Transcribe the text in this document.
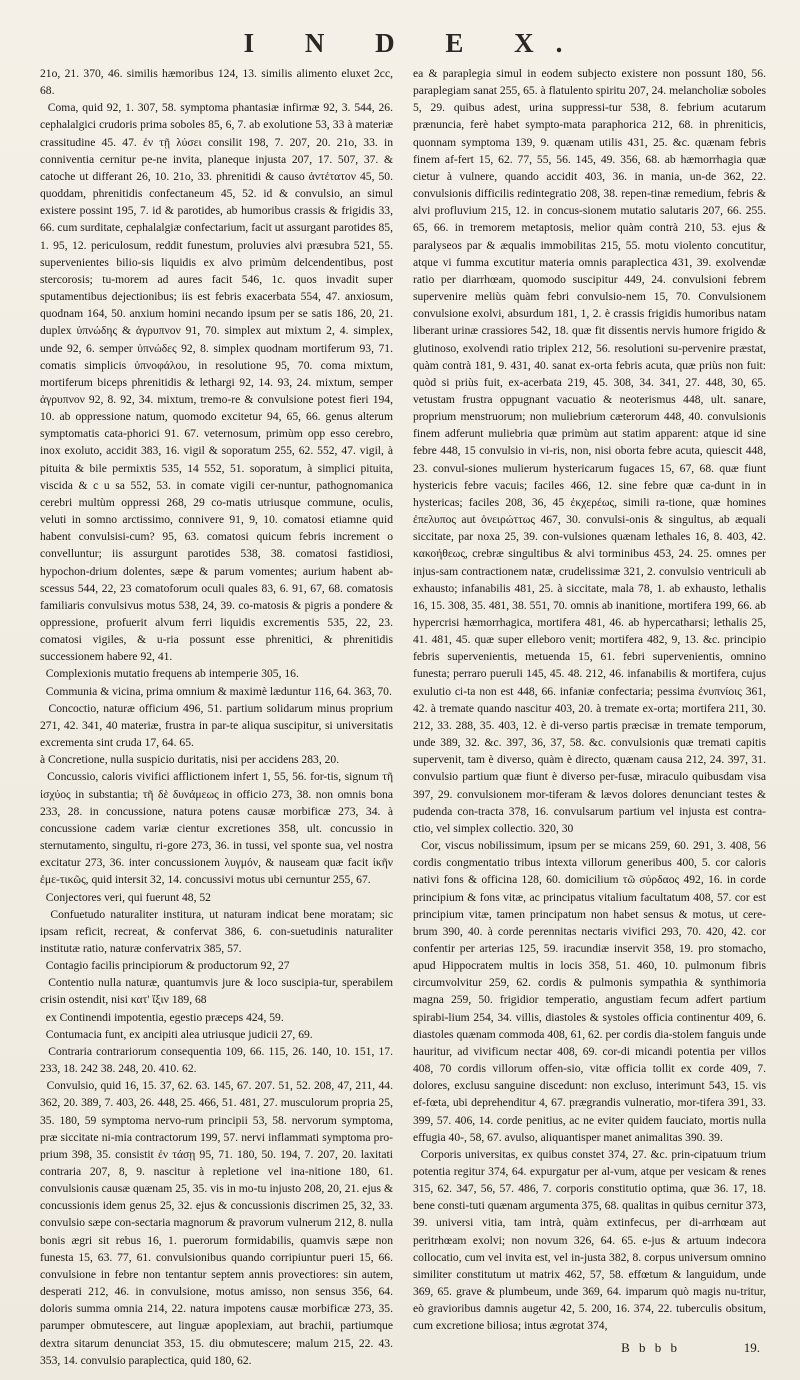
I N D E X.
21o, 21. 370, 46. similis hæmoribus 124, 13. similis alimento eluxet 2cc, 68.
Coma, quid 92, 1. 307, 58. symptoma phantasiæ infirmæ 92, 3. 544, 26. cephalalgici crudoris prima soboles 85, 6, 7. ab exolutione 53, 33 à materiæ crassitudine 45. 47. ἐν τῇ λύσει consilit 198, 7. 207, 20. 21o, 33. in conniventia cernitur pe-ne invita, planeque injusta 207, 17. 507, 37. & catoche ut differant 26, 10. 21o, 33. phrenitidi & causo ἀντέτατον 45, 50. quoddam, phrenitidis confectaneum 45, 52. id & convulsio, an simul existere possint 195, 7. id & parotides, ab humoribus crassis & frigidis 33, 66. cum surditate, cephalalgiæ confectarium, facit ut assurgant parotides 85, 1. 95, 12. periculosum, reddit funestum, proluvies alvi præsubra 521, 55. supervenientes bilio-sis liquidis ex alvo primùm delcendentibus, post stercorosis; tu-morem ad aures facit 546, 1c. quos invadit super sputamentibus dejectionibus; iis est febris exacerbata 554, 47. anxiosum, quodnam 164, 50. anxium homini necando ipsum per se satis 186, 20, 21. duplex ὑπνώδης & ἀγρυπνον 91, 70. simplex aut mixtum 2, 4. simplex, unde 92, 6. semper ὑπνώδες 92, 8. simplex quodnam mortiferum 93, 71. comatis simplicis ὑπνοφάλου, in resolutione 95, 70. coma mixtum, mortiferum biceps phrenitidis & lethargi 92, 14. 93, 24. mixtum, semper ἀγρυπνον 92, 8. 92, 34. mixtum, tremo-re & convulsione potest fieri 194, 10. ab oppressione natum, quomodo excitetur 94, 65, 66. genus alterum symptomatis cata-phorici 91. 67. veternosum, primùm opp esso cerebro, inox exoluto, accidit 383, 16. vigil & soporatum 255, 62. 552, 47. vigil, à pituita & bile permixtis 535, 14 552, 51. soporatum, à simplici pituita, viscida & c u sa 552, 53. in comate vigili cer-nuntur, pathognomanica cerebri multùm oppressi 268, 29 co-matis utriusque commune, oculis, veluti in somno arctissimo, connivere 91, 9, 10. comatosi etiamne quid habent convulsisi-cum? 95, 63. comatosi quicum febris increment o convelluntur; iis assurgunt parotides 538, 38. comatosi fastidiosi, hypochon-drium dolentes, sæpe & parum vomentes; aurium habent ab-scessus 544, 22, 23 comatoforum oculi quales 83, 6. 91, 67, 68. comatosis familiaris convulsivus motus 538, 24, 39. co-matosis & pigris a pondere & oppressione, profuerit alvum ferri liquidis excrementis 535, 22, 23. comatosi vigiles, & u-ria possunt esse phrenitici, & phrenitidis successionem habere 92, 41.
Complexionis mutatio frequens ab intemperie 305, 16.
Communia & vicina, prima omnium & maximè læduntur 116, 64. 363, 70.
Concoctio, naturæ officium 496, 51. partium solidarum minus proprium 271, 42. 341, 40 materiæ, frustra in par-te aliqua suscipitur, si universitatis excrementa sint cruda 17, 64. 65.
à Concretione, nulla suspicio duritatis, nisi per accidens 283, 20.
Concussio, caloris vivifici afflictionem infert 1, 55, 56. for-tis, signum τῆ ἰσχύος in substantia; τῆ δὲ δυνάμεως in officio 273, 38. non omnis bona 233, 28. in concussione, natura potens causæ morbificæ 273, 34. à concussione cadem variæ cientur excretiones 358, ult. concussio in sternutamento, singultu, ri-gore 273, 36. in tussi, vel sponte sua, vel nostra excitatur 273, 36. inter concussionem λυγμόν, & nauseam quæ facit ἰκῆν ἐμε-τικῶς, quid intersit 32, 14. concussivi motus ubi cernuntur 255, 67.
Conjectores veri, qui fuerunt 48, 52
Confuetudo naturaliter institura, ut naturam indicat bene moratam; sic ipsam reficit, recreat, & confervat 386, 6. con-suetudinis naturaliter institutæ ratio, naturæ confervatrix 385, 57.
Contagio facilis principiorum & productorum 92, 27
Contentio nulla naturæ, quantumvis jure & loco suscipia-tur, sperabilem crisin ostendit, nisi κατ' ἴξιν 189, 68
ex Continendi impotentia, egestio præceps 424, 59.
Contumacia funt, ex ancipiti alea utriusque judicii 27, 69.
Contraria contrariorum consequentia 109, 66. 115, 26. 140, 10. 151, 17. 233, 18. 242 38. 248, 20. 410. 62.
Convulsio, quid 16, 15. 37, 62. 63. 145, 67. 207. 51, 52. 208, 47, 211, 44. 362, 20. 389, 7. 403, 26. 448, 25. 466, 51. 481, 27. musculorum propria 25, 35. 180, 59 symptoma nervo-rum principii 53, 58. nervorum symptoma, præ siccitate ni-mia contractorum 199, 57. nervi inflammati symptoma pro-prium 398, 35. consistit ἐν τάσῃ 95, 71. 180, 50. 194, 7. 207, 20. laxitati contraria 207, 8, 9. nascitur à repletione vel ina-nitione 180, 61. convulsionis causæ quænam 25, 35. vis in mo-tu injusto 208, 20, 21. ejus & concussionis idem genus 25, 32. ejus & concussionis discrimen 25, 32, 33. convulsio sæpe con-sectaria magnorum & pravorum vulnerum 212, 8. nulla bonis ægri sit rebus 16, 1. puerorum formidabilis, quamvis sæpe non funesta 15, 63. 77, 61. convulsionibus quando corripiuntur pueri 15, 66. convulsione in febre non tentantur septem annis provectiores: sin autem, desperati 212, 46. in convulsione, motus amisso, non sensus 356, 64. doloris summa omnia 214, 22. natura impotens causæ morbificæ 273, 35. parumper obmutescere, aut linguæ apoplexiam, aut brachii, partiumque dextra sitarum denunciat 353, 15. diu obmutescere; malum 215, 22. 43. 353, 14. convulsio paraplectica, quid 180, 62.
ea & paraplegia simul in eodem subjecto existere non possunt 180, 56. paraplegiam sanat 255, 65. à flatulento spiritu 207, 24. melancholiæ soboles 5, 29. quibus adest, urina suppressi-tur 538, 8. febrium acutarum prænuncia, ferè habet sympto-mata paraphorica 212, 68. in phreniticis, quonnam symptoma 139, 9. quænam utilis 431, 25. &c. quænam febris finem af-fert 15, 62. 77, 55, 56. 145, 49. 356, 68. ab hæmorrhagia quæ cietur à vulnere, quando accidit 403, 36. in mania, un-de 362, 22. convulsionis difficilis redintegratio 208, 38. repen-tinæ remedium, febris & alvi profluvium 215, 12. in concus-sionem mutatio salutaris 207, 66. 255. 65, 66. in tremorem metaptosis, melior quàm contrà 210, 53. ejus & paralyseos par & æqualis immobilitas 215, 55. motu violento concutitur, atque vi fumma excutitur materia omnis paraplectica 431, 39. exolvendæ ratio per diarrhœam, quomodo suscipitur 449, 24. convulsioni febrem supervenire meliùs quàm febri convulsio-nem 15, 70. Convulsionem convulsione exolvi, absurdum 181, 1, 2. è crassis frigidis humoribus natam liberant urinæ crassiores 542, 18. quæ fit dissentis nervis humore frigido & glutinoso, exolvendi ratio triplex 212, 56. resolutioni su-pervenire præstat, quàm contrà 181, 9. 431, 40. sanat ex-orta febris acuta, quæ priùs non fuit: quòd si priùs fuit, ex-acerbata 219, 45. 308, 34. 341, 27. 448, 30, 65. vetustam frustra oppugnant vacuatio & neoterismus 448, ult. sanare, proprium menstruorum; non muliebrium cæterorum 448, 40. convulsionis finem adferunt muliebria quæ primùm aut statim apparent: atque id sine febre 448, 15 convulsio in vi-ris, non, nisi oborta febre acuta, quiescit 448, 23. convul-siones mulierum hystericarum fugaces 15, 67, 68. quæ fiunt hystericis febre vacuis; faciles 466, 12. sine febre quæ ca-dunt in in hystericas; faciles 208, 36, 45 ἐκχερέως, simili ra-tione, quæ homines ἐπελυπος aut ὀνειρώττως 467, 30. convulsi-onis & singultus, ab æquali siccitate, par noxa 25, 39. con-vulsiones quænam lethales 16, 8. 403, 42. κακοήθεως, crebræ singultibus & alvi torminibus 453, 24. 25. omnes per injus-sam contractionem natæ, crudelissimæ 321, 2. convulsio ventriculi ab exhausto; infanabilis 481, 25. à siccitate, mala 78, 1. ab exhausto, lethalis 16, 15. 308, 35. 481, 38. 551, 70. omnis ab inanitione, mortifera 199, 66. ab hypercrisi hæmorrhagica, mortifera 481, 46. ab hypercatharsi; lethalis 25, 41. 481, 45. quæ super elleboro venit; mortifera 482, 9, 13. &c. principio febris supervenientis, metuenda 15, 61. febri supervenientis, omnino funesta; perraro pueruli 145, 45. 48. 212, 46. infanabilis & mortifera, cujus exulutio ci-ta non est 448, 66. infaniæ confectaria; pessima ἐνυπνίοις 361, 42. à tremate quando nascitur 403, 20. à tremate ex-orta; mortifera 211, 30. 212, 33. 288, 35. 403, 12. è di-verso partis præcisæ in tremate temporum, unde 389, 32. &c. 397, 36, 37, 58. &c. convulsionis quæ tremati capitis supervenit, tam è diverso, quàm è directo, quænam causa 212, 24. 397, 31. convulsio partium quæ fiunt è diverso per-fusæ, miraculo quibusdam visa 397, 29. convulsionem mor-tiferam & lævos dolores denunciant testes & pudenda con-tracta 378, 16. convulsarum partium vel injusta est contra-ctio, vel simplex collectio. 320, 30
Cor, viscus nobilissimum, ipsum per se micans 259, 60. 291, 3. 408, 56 cordis congmentatio tribus intexta villorum generibus 400, 5. cor caloris nativi fons & officina 128, 60. domicilium τῶ σύρδαος 492, 16. in corde principium & fons vitæ, ac principatus vitalium facultatum 408, 57. cor est principium vitæ, tamen principatum non habet sensus & motus, ut cere-brum 390, 40. à corde perennitas nectaris vivifici 293, 70. 420, 42. cor confentir per arterias 125, 59. iracundiæ inservit 358, 19. pro stomacho, apud Hippocratem multis in locis 358, 51. 460, 10. pulmonum fibris circumvolvitur 259, 62. cordis & pulmonis sympathia & synthimoria magna 259, 50. frigidior temperatio, angustiam fecum adfert partium spirabi-lium 254, 34. villis, diastoles & systoles officia continentur 409, 6. diastoles quænam commoda 408, 61, 62. per cordis dia-stolem fanguis unde hauritur, ad vivificum nectar 408, 69. cor-di micandi potentia per villos 408, 70 cordis villorum offen-sio, vitæ officia tollit ex corde 409, 7. dolores, exclusu sanguine discedunt: non excluso, interimunt 543, 15. vis ef-fœta, ubi deprehenditur 4, 67. prægrandis vulneratio, mor-tifera 391, 33. 399, 57. 406, 14. corde penitius, ac ne eviter quidem fauciato, mortis nulla effugia 40-, 58, 67. avulso, aliquantisper manet animalitas 390. 39.
Corporis universitas, ex quibus constet 374, 27. &c. prin-cipatuum trium potentia regitur 374, 64. expurgatur per al-vum, atque per vesicam & renes 315, 62. 347, 56, 57. 486, 7. corporis constitutio optima, quæ 36. 17, 18. bene consti-tuti quænam argumenta 375, 68. qualitas in quibus cernitur 373, 39. universi vitia, tam intrà, quàm extinfecus, per di-arrhœam aut peritrhœam exolvi; non novum 326, 64. 65. e-jus & artuum indecora collocatio, cum vel invita est, vel in-justa 382, 8. corpus universum omnino similiter constitutum ut matrix 462, 57, 58. effœtum & languidum, unde 369, 65. grave & plumbeum, unde 369, 64. imparum quò magis nu-tritur, eò gravioribus damnis augetur 42, 5. 200, 16. 374, 22. tuberculis obsitum, cum excretione biliosa; intus ægrotat 374,
B b b b	19.
